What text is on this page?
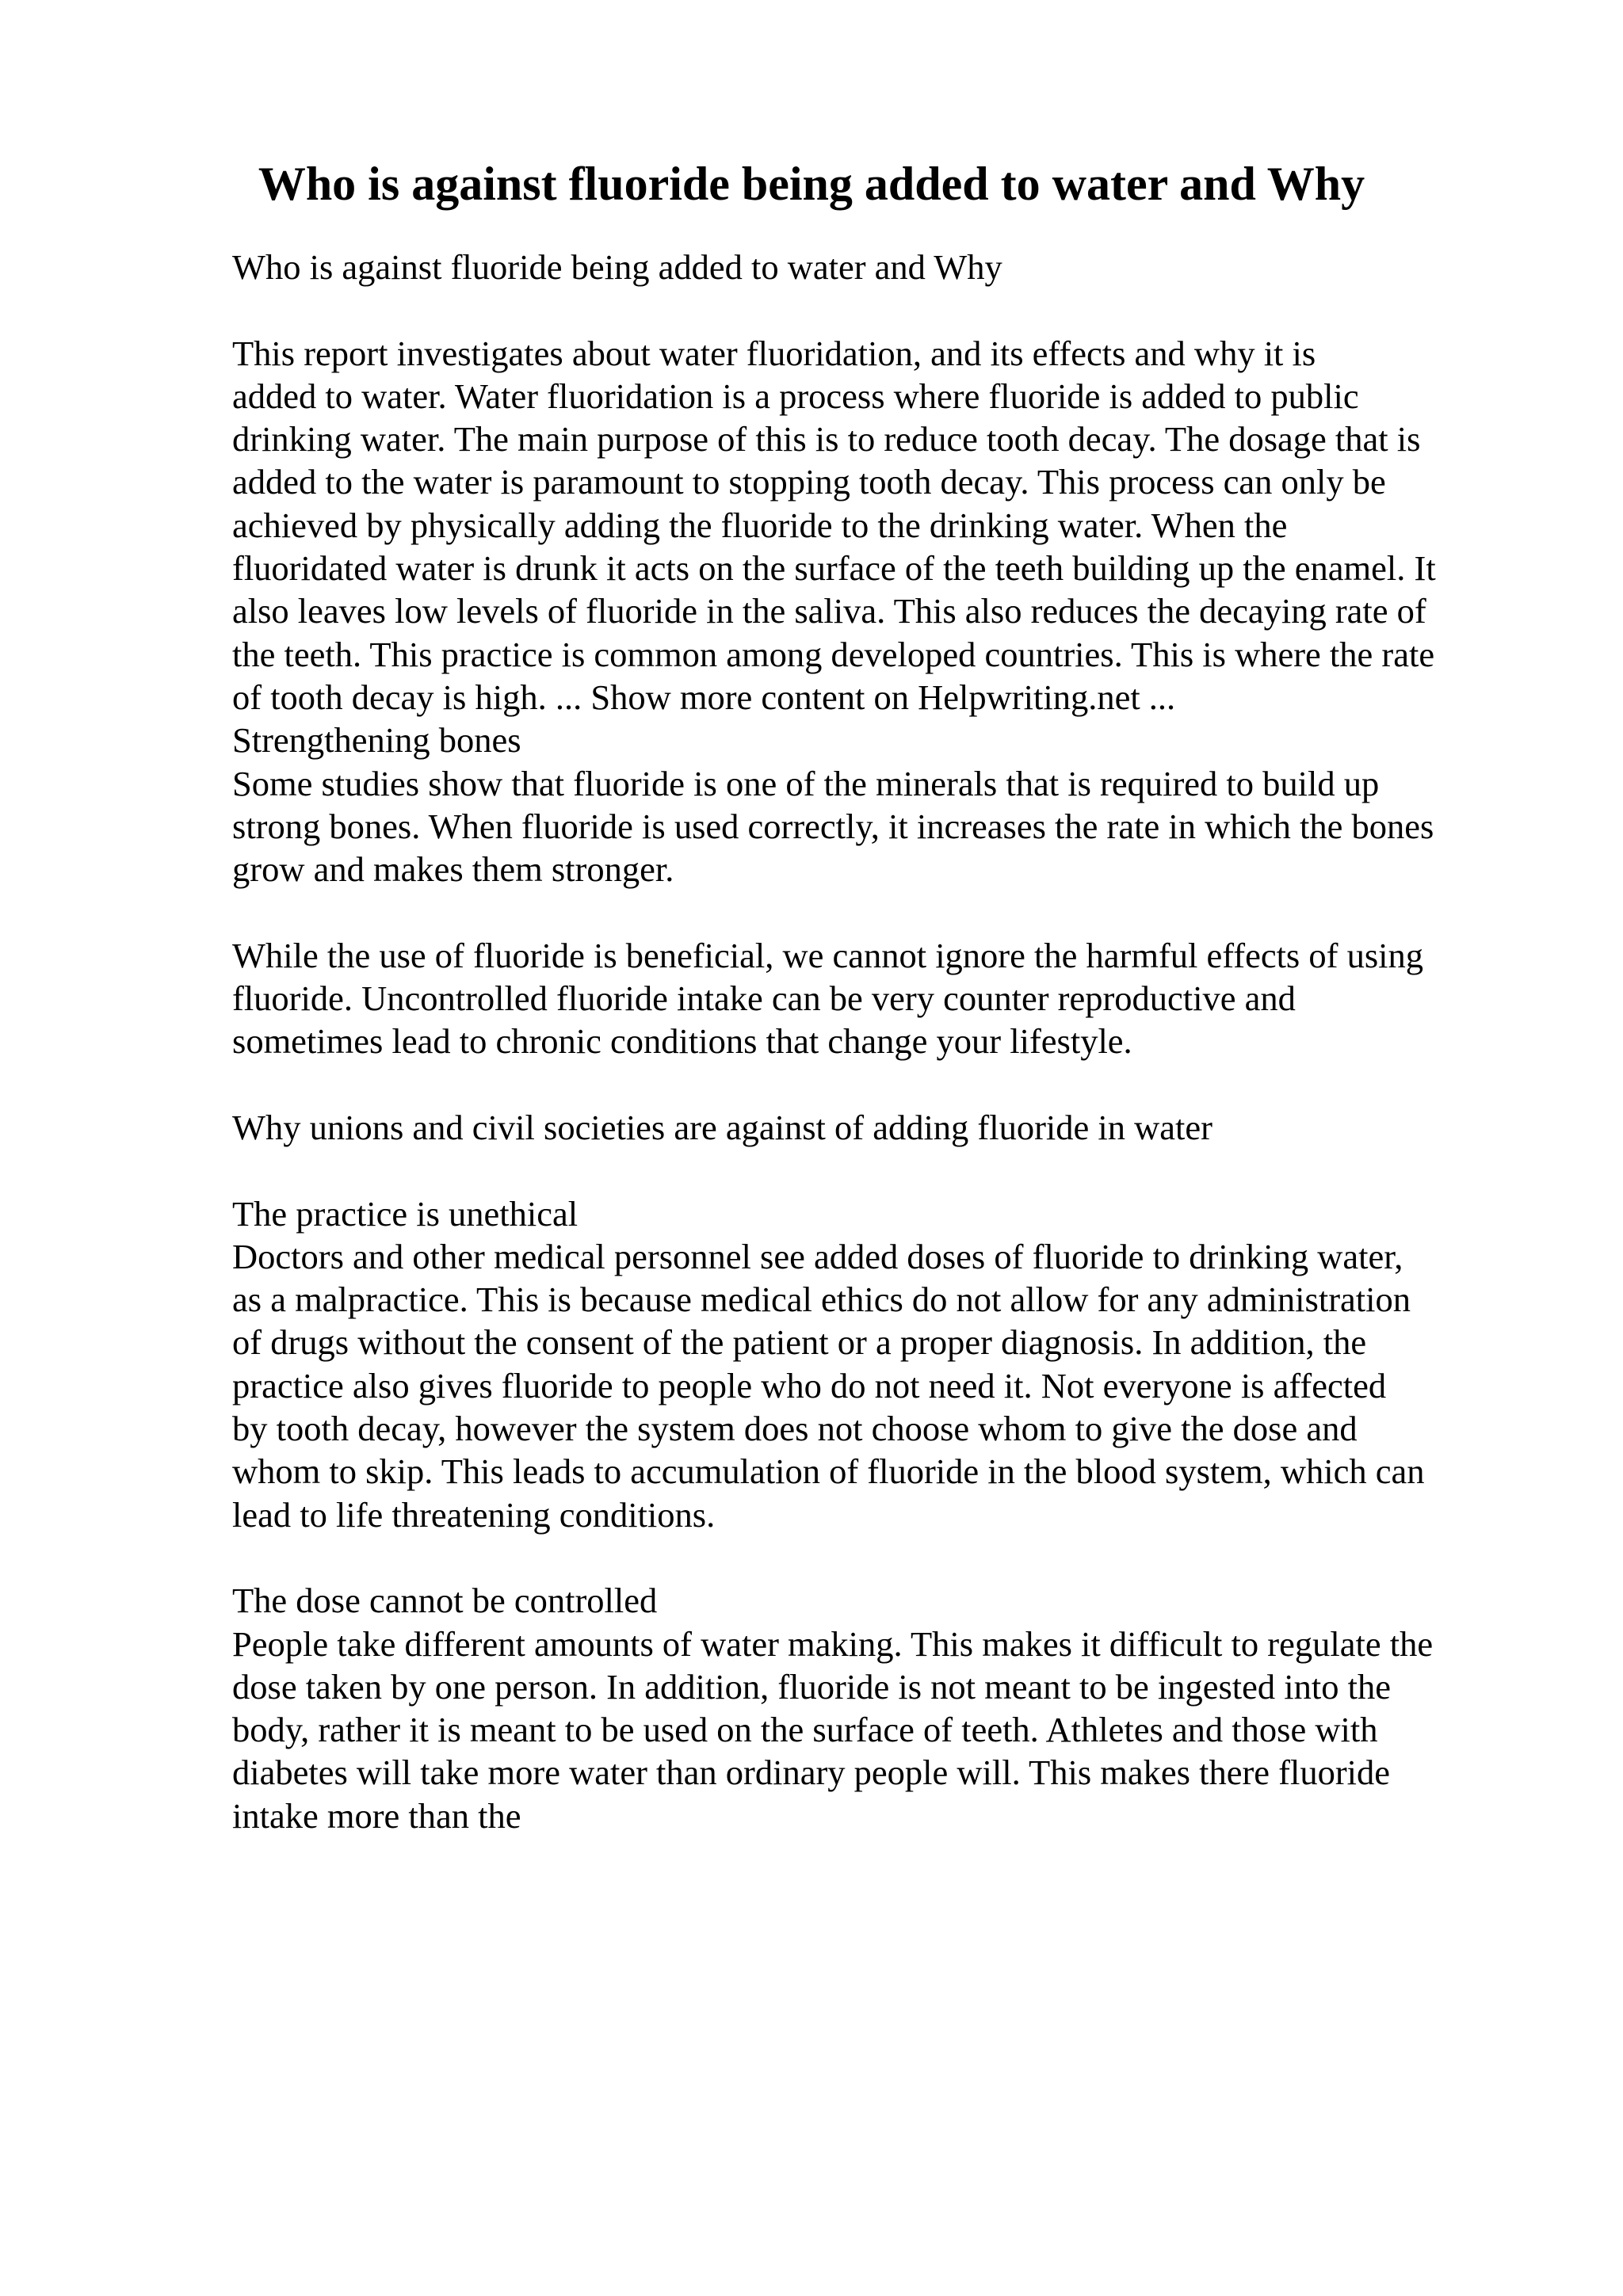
Who is against fluoride being added to water and Why
Who is against fluoride being added to water and Why
This report investigates about water fluoridation, and its effects and why it is
added to water. Water fluoridation is a process where fluoride is added to public
drinking water. The main purpose of this is to reduce tooth decay. The dosage that is
added to the water is paramount to stopping tooth decay. This process can only be
achieved by physically adding the fluoride to the drinking water. When the
fluoridated water is drunk it acts on the surface of the teeth building up the enamel. It
also leaves low levels of fluoride in the saliva. This also reduces the decaying rate of
the teeth. This practice is common among developed countries. This is where the rate
of tooth decay is high. ... Show more content on Helpwriting.net ...
Strengthening bones
Some studies show that fluoride is one of the minerals that is required to build up
strong bones. When fluoride is used correctly, it increases the rate in which the bones
grow and makes them stronger.
While the use of fluoride is beneficial, we cannot ignore the harmful effects of using
fluoride. Uncontrolled fluoride intake can be very counter reproductive and
sometimes lead to chronic conditions that change your lifestyle.
Why unions and civil societies are against of adding fluoride in water
The practice is unethical
Doctors and other medical personnel see added doses of fluoride to drinking water,
as a malpractice. This is because medical ethics do not allow for any administration
of drugs without the consent of the patient or a proper diagnosis. In addition, the
practice also gives fluoride to people who do not need it. Not everyone is affected
by tooth decay, however the system does not choose whom to give the dose and
whom to skip. This leads to accumulation of fluoride in the blood system, which can
lead to life threatening conditions.
The dose cannot be controlled
People take different amounts of water making. This makes it difficult to regulate the
dose taken by one person. In addition, fluoride is not meant to be ingested into the
body, rather it is meant to be used on the surface of teeth. Athletes and those with
diabetes will take more water than ordinary people will. This makes there fluoride
intake more than the
